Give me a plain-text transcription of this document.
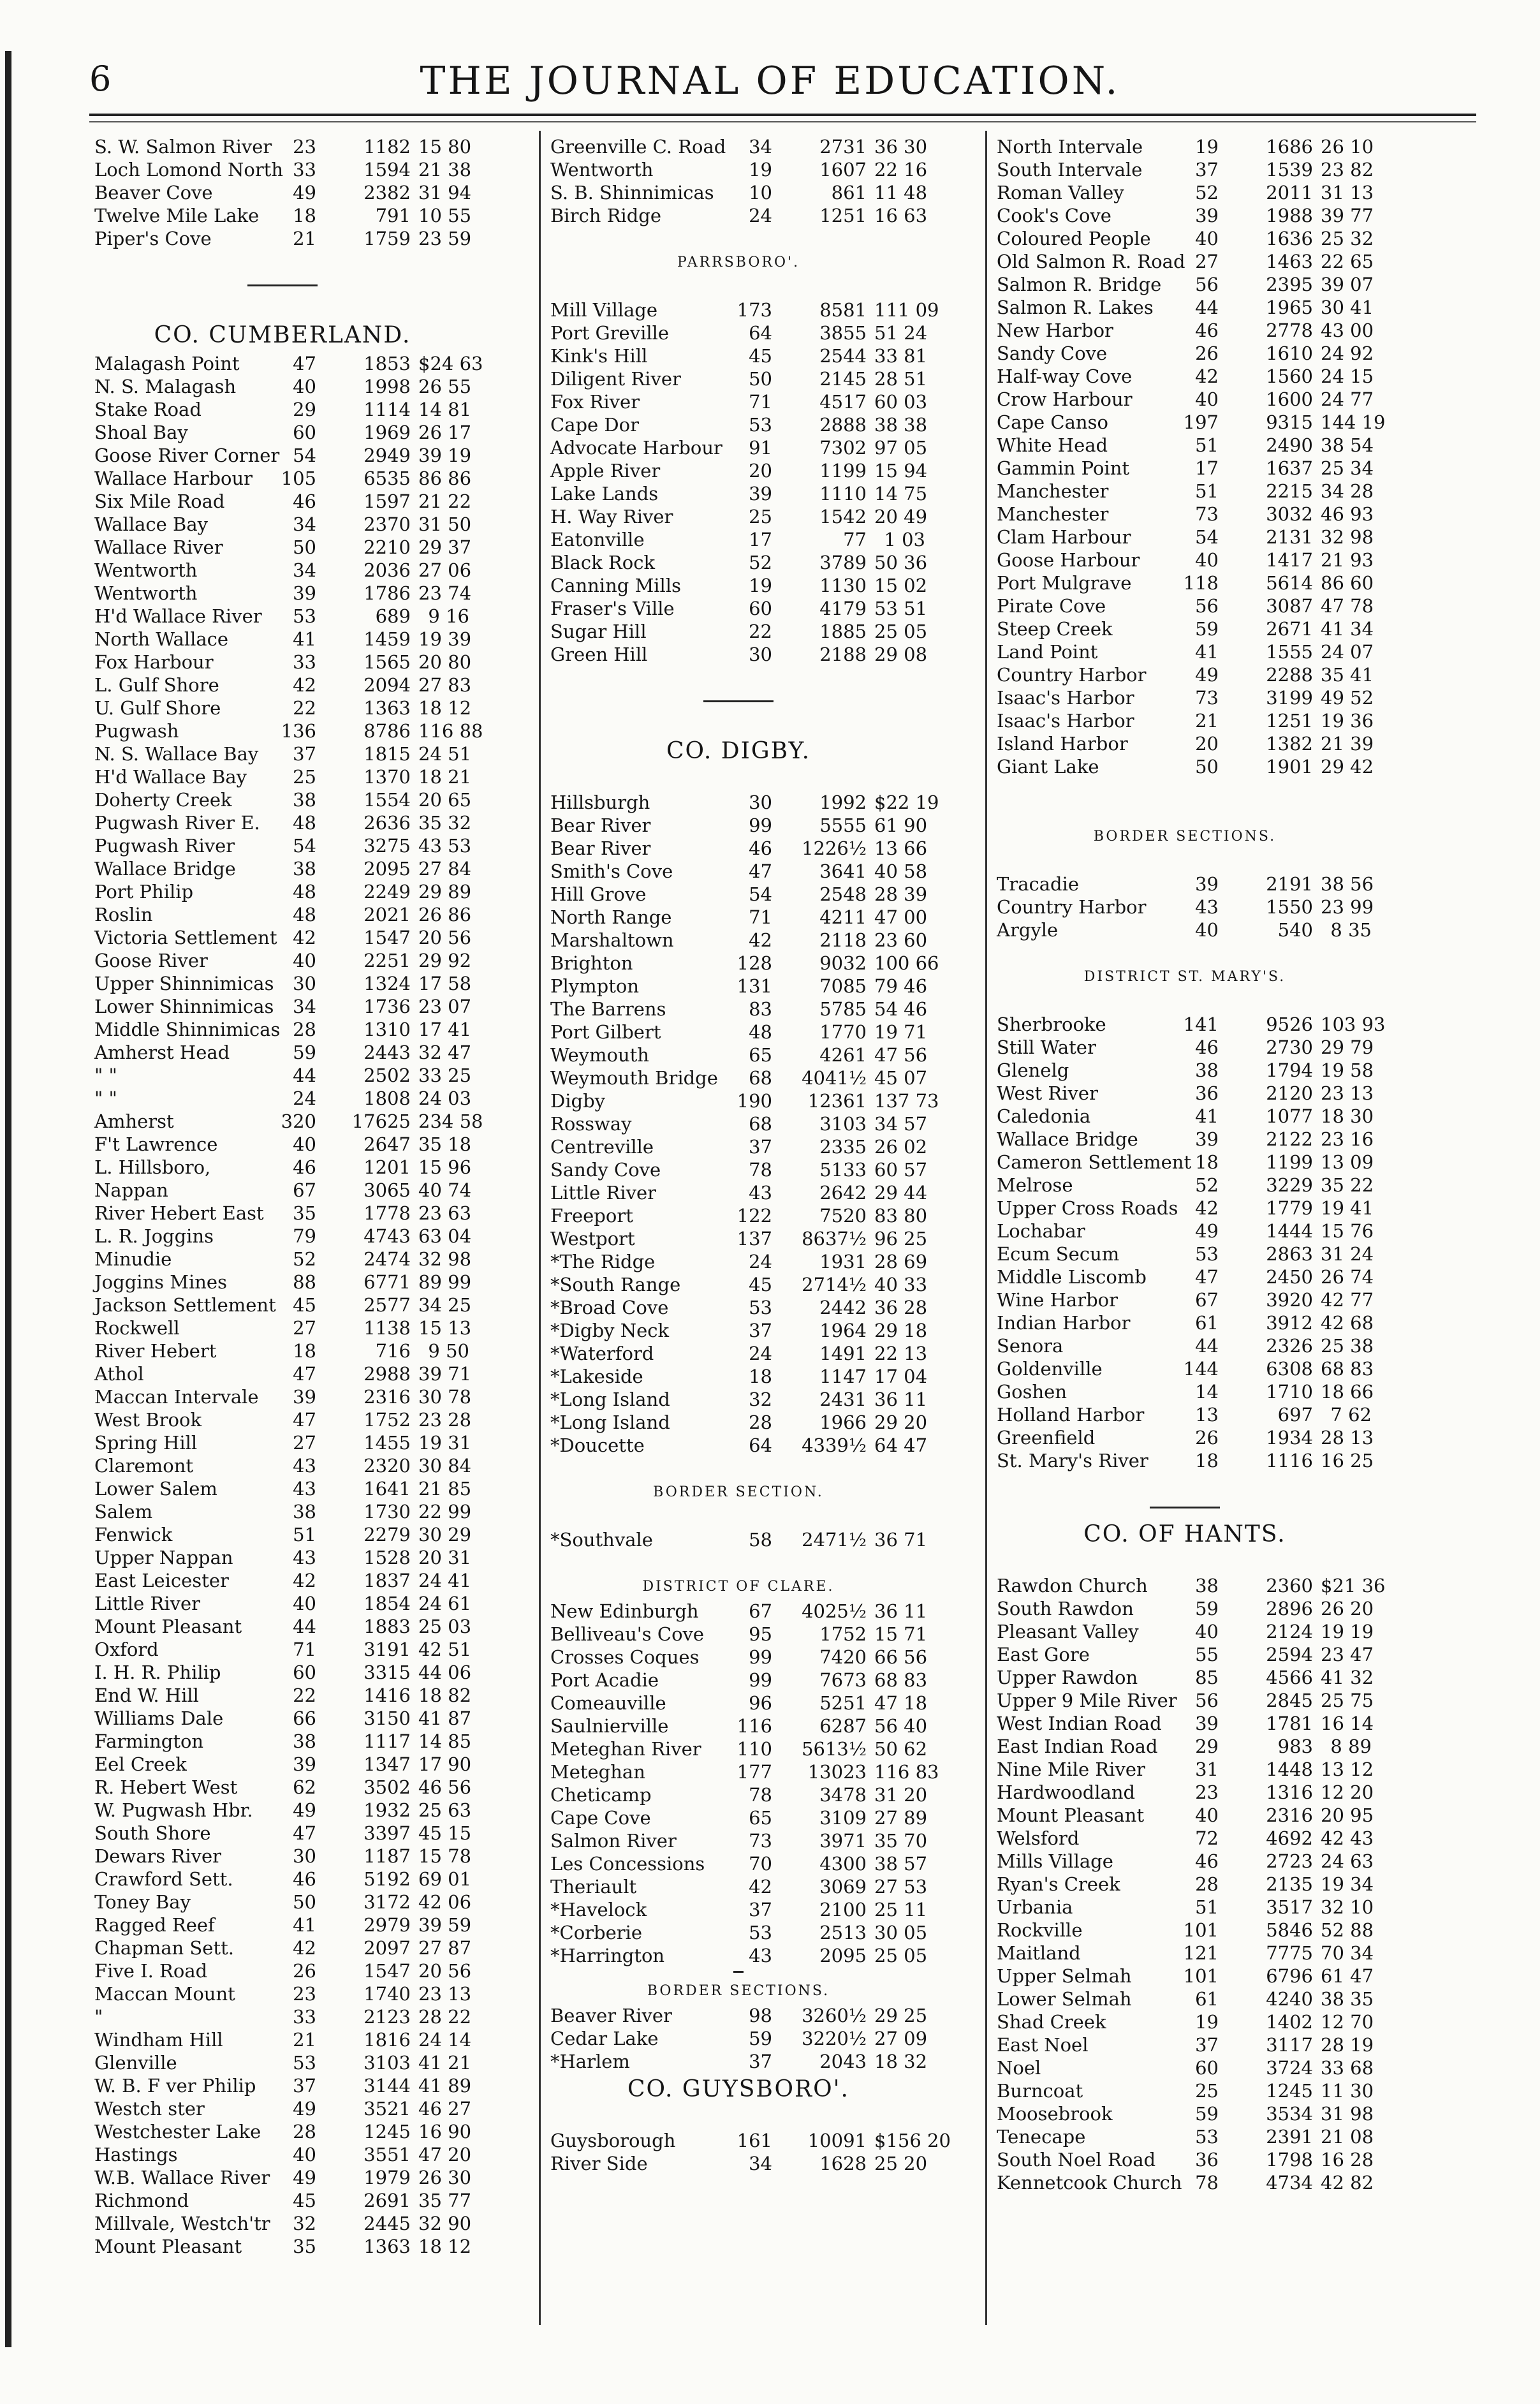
6	THE JOURNAL OF EDUCATION.
S. W. Salmon River	23	1182 15 80
Loch Lomond North 33	1594 21 38
Beaver Cove	49	2382 31 94
Twelve Mile Lake	18	791 10 55
Piper's Cove	21	1759 23 59
CO. CUMBERLAND.
Malagash Point	47	1853 $24 63
N. S. Malagash	40	1998 26 55
Stake Road	29	1114 14 81
Shoal Bay	60	1969 26 17
Goose River Corner 54	2949 39 19
Wallace Harbour	105	6535 86 86
Six Mile Road	46	1597 21 22
Wallace Bay	34	2370 31 50
Wallace River	50	2210 29 37
Wentworth	34	2036 27 06
Wentworth	39	1786 23 74
H'd Wallace River	53	689 9 16
North Wallace	41	1459 19 39
Fox Harbour	33	1565 20 80
L. Gulf Shore	42	2094 27 83
U. Gulf Shore	22	1363 18 12
Pugwash	136	8786 116 88
N. S. Wallace Bay	37	1815 24 51
H'd Wallace Bay	25	1370 18 21
Doherty Creek	38	1554 20 65
Pugwash River E.	48	2636 35 32
Pugwash River	54	3275 43 53
Wallace Bridge	38	2095 27 84
Port Philip	48	2249 29 89
Roslin	48	2021 26 86
Victoria Settlement 42	1547 20 56
Goose River	40	2251 29 92
Upper Shinnimicas	30	1324 17 58
Lower Shinnimicas	34	1736 23 07
Middle Shinnimicas 28	1310 17 41
Amherst Head	59	2443 32 47
" "	44	2502 33 25
" "	24	1808 24 03
Amherst	320	17625 234 58
F't Lawrence	40	2647 35 18
L. Hillsboro,	46	1201 15 96
Nappan	67	3065 40 74
River Hebert East	35	1778 23 63
L. R. Joggins	79	4743 63 04
Minudie	52	2474 32 98
Joggins Mines	88	6771 89 99
Jackson Settlement 45	2577 34 25
Rockwell	27	1138 15 13
River Hebert	18	716 9 50
Athol	47	2988 39 71
Maccan Intervale	39	2316 30 78
West Brook	47	1752 23 28
Spring Hill	27	1455 19 31
Claremont	43	2320 30 84
Lower Salem	43	1641 21 85
Salem	38	1730 22 99
Fenwick	51	2279 30 29
Upper Nappan	43	1528 20 31
East Leicester	42	1837 24 41
Little River	40	1854 24 61
Mount Pleasant	44	1883 25 03
Oxford	71	3191 42 51
I. H. R. Philip	60	3315 44 06
End W. Hill	22	1416 18 82
Williams Dale	66	3150 41 87
Farmington	38	1117 14 85
Eel Creek	39	1347 17 90
R. Hebert West	62	3502 46 56
W. Pugwash Hbr.	49	1932 25 63
South Shore	47	3397 45 15
Dewars River	30	1187 15 78
Crawford Sett.	46	5192 69 01
Toney Bay	50	3172 42 06
Ragged Reef	41	2979 39 59
Chapman Sett.	42	2097 27 87
Five I. Road	26	1547 20 56
Maccan Mount	23	1740 23 13
"	33	2123 28 22
Windham Hill	21	1816 24 14
Glenville	53	3103 41 21
W. B. F ver Philip	37	3144 41 89
Westch ster	49	3521 46 27
Westchester Lake	28	1245 16 90
Hastings	40	3551 47 20
W.B. Wallace River	49	1979 26 30
Richmond	45	2691 35 77
Millvale, Westch'tr	32	2445 32 90
Mount Pleasant	35	1363 18 12
Greenville C. Road	34	2731 36 30
Wentworth	19	1607 22 16
S. B. Shinnimicas	10	861 11 48
Birch Ridge	24	1251 16 63
PARRSBORO'.
Mill Village	173	8581 111 09
Port Greville	64	3855 51 24
Kink's Hill	45	2544 33 81
Diligent River	50	2145 28 51
Fox River	71	4517 60 03
Cape Dor	53	2888 38 38
Advocate Harbour	91	7302 97 05
Apple River	20	1199 15 94
Lake Lands	39	1110 14 75
H. Way River	25	1542 20 49
Eatonville	17	77 1 03
Black Rock	52	3789 50 36
Canning Mills	19	1130 15 02
Fraser's Ville	60	4179 53 51
Sugar Hill	22	1885 25 05
Green Hill	30	2188 29 08
CO. DIGBY.
Hillsburgh	30	1992 $22 19
Bear River	99	5555 61 90
Bear River	46	1226½ 13 66
Smith's Cove	47	3641 40 58
Hill Grove	54	2548 28 39
North Range	71	4211 47 00
Marshaltown	42	2118 23 60
Brighton	128	9032 100 66
Plympton	131	7085 79 46
The Barrens	83	5785 54 46
Port Gilbert	48	1770 19 71
Weymouth	65	4261 47 56
Weymouth Bridge	68	4041½ 45 07
Digby	190	12361 137 73
Rossway	68	3103 34 57
Centreville	37	2335 26 02
Sandy Cove	78	5133 60 57
Little River	43	2642 29 44
Freeport	122	7520 83 80
Westport	137	8637½ 96 25
*The Ridge	24	1931 28 69
*South Range	45	2714½ 40 33
*Broad Cove	53	2442 36 28
*Digby Neck	37	1964 29 18
*Waterford	24	1491 22 13
*Lakeside	18	1147 17 04
*Long Island	32	2431 36 11
*Long Island	28	1966 29 20
*Doucette	64	4339½ 64 47
BORDER SECTION.
*Southvale	58	2471½ 36 71
DISTRICT OF CLARE.
New Edinburgh	67	4025½ 36 11
Belliveau's Cove	95	1752 15 71
Crosses Coques	99	7420 66 56
Port Acadie	99	7673 68 83
Comeauville	96	5251 47 18
Saulnierville	116	6287 56 40
Meteghan River	110	5613½ 50 62
Meteghan	177	13023 116 83
Cheticamp	78	3478 31 20
Cape Cove	65	3109 27 89
Salmon River	73	3971 35 70
Les Concessions	70	4300 38 57
Theriault	42	3069 27 53
*Havelock	37	2100 25 11
*Corberie	53	2513 30 05
*Harrington	43	2095 25 05
BORDER SECTIONS.
Beaver River	98	3260½ 29 25
Cedar Lake	59	3220½ 27 09
*Harlem	37	2043 18 32
CO. GUYSBORO'.
Guysborough	161	10091 $156 20
River Side	34	1628 25 20
North Intervale	19	1686 26 10
South Intervale	37	1539 23 82
Roman Valley	52	2011 31 13
Cook's Cove	39	1988 39 77
Coloured People	40	1636 25 32
Old Salmon R. Road 27	1463 22 65
Salmon R. Bridge	56	2395 39 07
Salmon R. Lakes	44	1965 30 41
New Harbor	46	2778 43 00
Sandy Cove	26	1610 24 92
Half-way Cove	42	1560 24 15
Crow Harbour	40	1600 24 77
Cape Canso	197	9315 144 19
White Head	51	2490 38 54
Gammin Point	17	1637 25 34
Manchester	51	2215 34 28
Manchester	73	3032 46 93
Clam Harbour	54	2131 32 98
Goose Harbour	40	1417 21 93
Port Mulgrave	118	5614 86 60
Pirate Cove	56	3087 47 78
Steep Creek	59	2671 41 34
Land Point	41	1555 24 07
Country Harbor	49	2288 35 41
Isaac's Harbor	73	3199 49 52
Isaac's Harbor	21	1251 19 36
Island Harbor	20	1382 21 39
Giant Lake	50	1901 29 42
BORDER SECTIONS.
Tracadie	39	2191 38 56
Country Harbor	43	1550 23 99
Argyle	40	540 8 35
DISTRICT ST. MARY'S.
Sherbrooke	141	9526 103 93
Still Water	46	2730 29 79
Glenelg	38	1794 19 58
West River	36	2120 23 13
Caledonia	41	1077 18 30
Wallace Bridge	39	2122 23 16
Cameron Settlement 18	1199 13 09
Melrose	52	3229 35 22
Upper Cross Roads 42	1779 19 41
Lochabar	49	1444 15 76
Ecum Secum	53	2863 31 24
Middle Liscomb	47	2450 26 74
Wine Harbor	67	3920 42 77
Indian Harbor	61	3912 42 68
Senora	44	2326 25 38
Goldenville	144	6308 68 83
Goshen	14	1710 18 66
Holland Harbor	13	697 7 62
Greenfield	26	1934 28 13
St. Mary's River	18	1116 16 25
CO. OF HANTS.
Rawdon Church	38	2360 $21 36
South Rawdon	59	2896 26 20
Pleasant Valley	40	2124 19 19
East Gore	55	2594 23 47
Upper Rawdon	85	4566 41 32
Upper 9 Mile River 56	2845 25 75
West Indian Road	39	1781 16 14
East Indian Road	29	983 8 89
Nine Mile River	31	1448 13 12
Hardwoodland	23	1316 12 20
Mount Pleasant	40	2316 20 95
Welsford	72	4692 42 43
Mills Village	46	2723 24 63
Ryan's Creek	28	2135 19 34
Urbania	51	3517 32 10
Rockville	101	5846 52 88
Maitland	121	7775 70 34
Upper Selmah	101	6796 61 47
Lower Selmah	61	4240 38 35
Shad Creek	19	1402 12 70
East Noel	37	3117 28 19
Noel	60	3724 33 68
Burncoat	25	1245 11 30
Moosebrook	59	3534 31 98
Tenecape	53	2391 21 08
South Noel Road	36	1798 16 28
Kennetcook Church 78	4734 42 82
